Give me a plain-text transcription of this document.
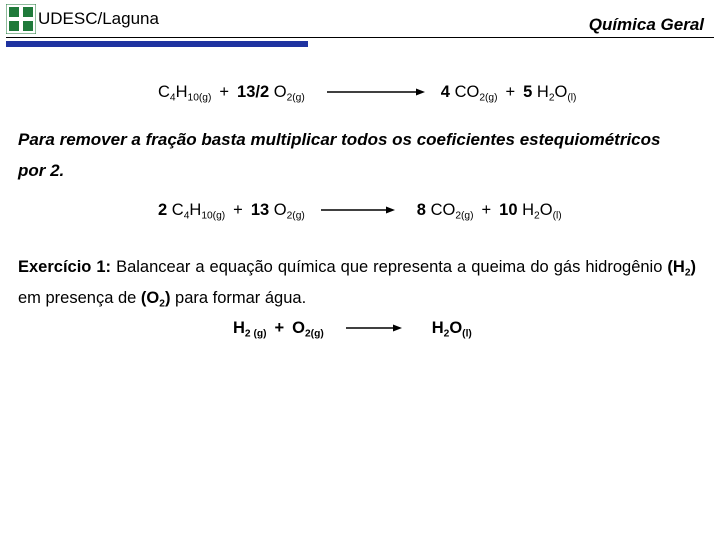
UDESC/Laguna	Química Geral
$C_4H_{10(g)} + 13/2$ $O_{2(g)}$	4 $CO_{2(g)} + 5$ $H_2O_{(l)}$
Para remover a fração basta multiplicar todos os coeficientes estequiométricos
por 2.
2 $C_4H_{10(g)} + 13$ $O_{2(g)}$	8 $CO_{2(g)} + 10$ $H_2O_{(l)}$
Exercício 1: Balancear a equação química que representa a queima do gás hidrogênio $(H_2)$ em presença de $(O_2)$ para formar água.
$H_{2 (g)} + O_{2(g)}$	$H_2O_{(l)}$
